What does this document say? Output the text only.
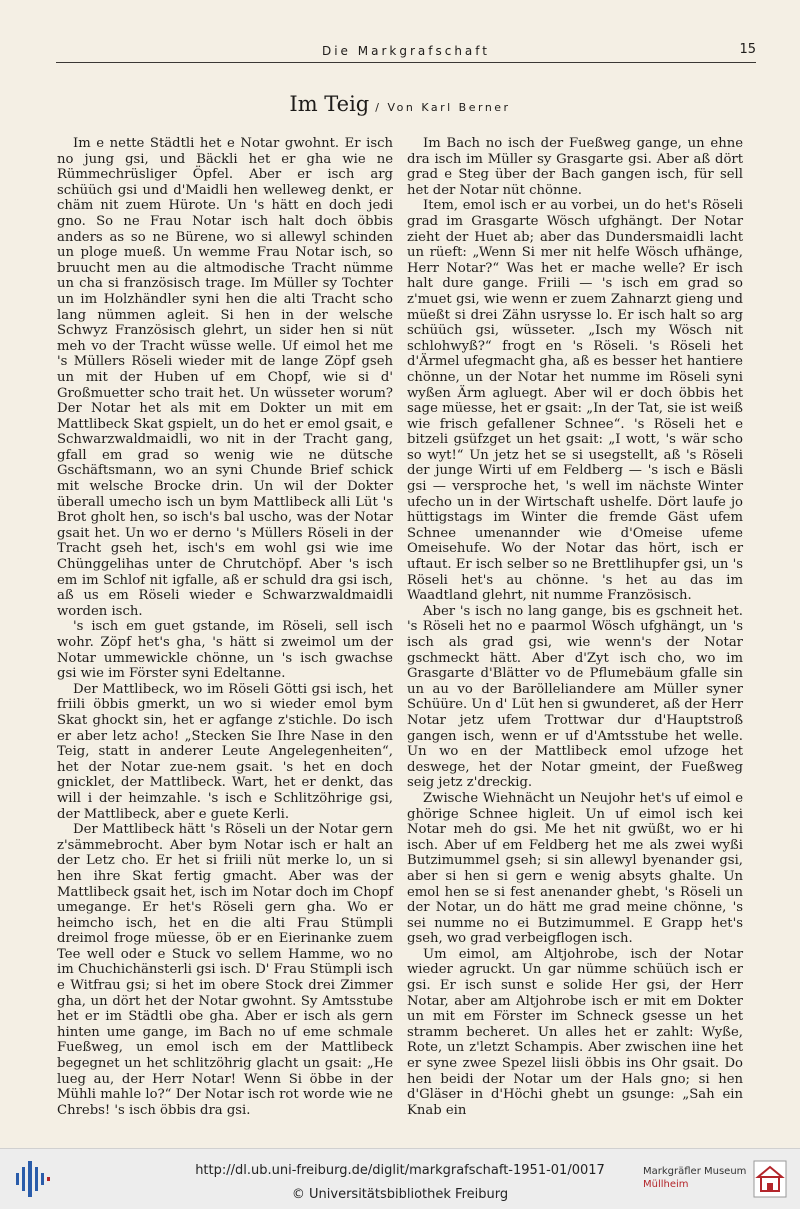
Die Markgrafschaft	15
Im Teig / Von Karl Berner

Im e nette Städtli het e Notar gwohnt. Er isch no jung gsi, und Bäckli het er gha wie ne Rümmechrüsliger Öpfel. Aber er isch arg schüüch gsi und d'Maidli hen welleweg denkt, er chäm nit zuem Hürote. Un 's hätt en doch jedi gno. So ne Frau Notar isch halt doch öbbis anders as so ne Bürene, wo si allewyl schinden un ploge mueß. Un wemme Frau Notar isch, so bruucht men au die altmodische Tracht nümme un cha si französisch trage. Im Müller sy Tochter un im Holzhändler syni hen die alti Tracht scho lang nümmen agleit. Si hen in der welsche Schwyz Französisch glehrt, un sider hen si nüt meh vo der Tracht wüsse welle. Uf eimol het me 's Müllers Röseli wieder mit de lange Zöpf gseh un mit der Huben uf em Chopf, wie si d' Großmuetter scho trait het. Un wüsseter worum? Der Notar het als mit em Dokter un mit em Mattlibeck Skat gspielt, un do het er emol gsait, e Schwarzwaldmaidli, wo nit in der Tracht gang, gfall em grad so wenig wie ne dütsche Gschäftsmann, wo an syni Chunde Brief schick mit welsche Brocke drin. Un wil der Dokter überall umecho isch un bym Mattlibeck alli Lüt 's Brot gholt hen, so isch's bal uscho, was der Notar gsait het. Un wo er derno 's Müllers Röseli in der Tracht gseh het, isch's em wohl gsi wie ime Chünggelihas unter de Chrutchöpf. Aber 's isch em im Schlof nit igfalle, aß er schuld dra gsi isch, aß us em Röseli wieder e Schwarzwaldmaidli worden isch.

's isch em guet gstande, im Röseli, sell isch wohr. Zöpf het's gha, 's hätt si zweimol um der Notar ummewickle chönne, un 's isch gwachse gsi wie im Förster syni Edeltanne.

Der Mattlibeck, wo im Röseli Götti gsi isch, het friili öbbis gmerkt, un wo si wieder emol bym Skat ghockt sin, het er agfange z'stichle. Do isch er aber letz acho! „Stecken Sie Ihre Nase in den Teig, statt in anderer Leute Angelegenheiten“, het der Notar zue-nem gsait. 's het en doch gnicklet, der Mattlibeck. Wart, het er denkt, das will i der heimzahle. 's isch e Schlitzöhrige gsi, der Mattlibeck, aber e guete Kerli.

Der Mattlibeck hätt 's Röseli un der Notar gern z'sämmebrocht. Aber bym Notar isch er halt an der Letz cho. Er het si friili nüt merke lo, un si hen ihre Skat fertig gmacht. Aber was der Mattlibeck gsait het, isch im Notar doch im Chopf umegange. Er het's Röseli gern gha. Wo er heimcho isch, het en die alti Frau Stümpli dreimol froge müesse, öb er en Eierinanke zuem Tee well oder e Stuck vo sellem Hamme, wo no im Chuchichänsterli gsi isch. D' Frau Stümpli isch e Witfrau gsi; si het im obere Stock drei Zimmer gha, un dört het der Notar gwohnt. Sy Amtsstube het er im Städtli obe gha. Aber er isch als gern hinten ume gange, im Bach no uf eme schmale Fueßweg, un emol isch em der Mattlibeck begegnet un het schlitzöhrig glacht un gsait: „He lueg au, der Herr Notar! Wenn Si öbbe in der Mühli mahle lo?“ Der Notar isch rot worde wie ne Chrebs! 's isch öbbis dra gsi.

Im Bach no isch der Fueßweg gange, un ehne dra isch im Müller sy Grasgarte gsi. Aber aß dört grad e Steg über der Bach gangen isch, für sell het der Notar nüt chönne.

Item, emol isch er au vorbei, un do het's Röseli grad im Grasgarte Wösch ufghängt. Der Notar zieht der Huet ab; aber das Dundersmaidli lacht un rüeft: „Wenn Si mer nit helfe Wösch ufhänge, Herr Notar?“ Was het er mache welle? Er isch halt dure gange. Friili — 's isch em grad so z'muet gsi, wie wenn er zuem Zahnarzt gieng und müeßt si drei Zähn usrysse lo. Er isch halt so arg schüüch gsi, wüsseter. „Isch my Wösch nit schlohwyß?“ frogt en 's Röseli. 's Röseli het d'Ärmel ufegmacht gha, aß es besser het hantiere chönne, un der Notar het numme im Röseli syni wyßen Ärm agluegt. Aber wil er doch öbbis het sage müesse, het er gsait: „In der Tat, sie ist weiß wie frisch gefallener Schnee“. 's Röseli het e bitzeli gsüfzget un het gsait: „I wott, 's wär scho so wyt!“ Un jetz het se si usegstellt, aß 's Röseli der junge Wirti uf em Feldberg — 's isch e Bäsli gsi — versproche het, 's well im nächste Winter ufecho un in der Wirtschaft ushelfe. Dört laufe jo hüttigstags im Winter die fremde Gäst ufem Schnee umenannder wie d'Omeise ufeme Omeisehufe. Wo der Notar das hört, isch er uftaut. Er isch selber so ne Brettlihupfer gsi, un 's Röseli het's au chönne. 's het au das im Waadtland glehrt, nit numme Französisch.

Aber 's isch no lang gange, bis es gschneit het. 's Röseli het no e paarmol Wösch ufghängt, un 's isch als grad gsi, wie wenn's der Notar gschmeckt hätt. Aber d'Zyt isch cho, wo im Grasgarte d'Blätter vo de Pflumebäum gfalle sin un au vo der Barölleliandere am Müller syner Schüüre. Un d' Lüt hen si gwunderet, aß der Herr Notar jetz ufem Trottwar dur d'Hauptstroß gangen isch, wenn er uf d'Amtsstube het welle. Un wo en der Mattlibeck emol ufzoge het deswege, het der Notar gmeint, der Fueßweg seig jetz z'dreckig.

Zwische Wiehnächt un Neujohr het's uf eimol e ghörige Schnee higleit. Un uf eimol isch kei Notar meh do gsi. Me het nit gwüßt, wo er hi isch. Aber uf em Feldberg het me als zwei wyßi Butzimummel gseh; si sin allewyl byenander gsi, aber si hen si gern e wenig absyts ghalte. Un emol hen se si fest anenander ghebt, 's Röseli un der Notar, un do hätt me grad meine chönne, 's sei numme no ei Butzimummel. E Grapp het's gseh, wo grad verbeigflogen isch.

Um eimol, am Altjohrobe, isch der Notar wieder agruckt. Un gar nümme schüüch isch er gsi. Er isch sunst e solide Her gsi, der Herr Notar, aber am Altjohrobe isch er mit em Dokter un mit em Förster im Schneck gsesse un het stramm becheret. Un alles het er zahlt: Wyße, Rote, un z'letzt Schampis. Aber zwischen iine het er syne zwee Spezel liisli öbbis ins Ohr gsait. Do hen beidi der Notar um der Hals gno; si hen d'Gläser in d'Höchi ghebt un gsunge: „Sah ein Knab ein

http://dl.ub.uni-freiburg.de/diglit/markgrafschaft-1951-01/0017
© Universitätsbibliothek Freiburg
Markgräfler Museum
Müllheim
